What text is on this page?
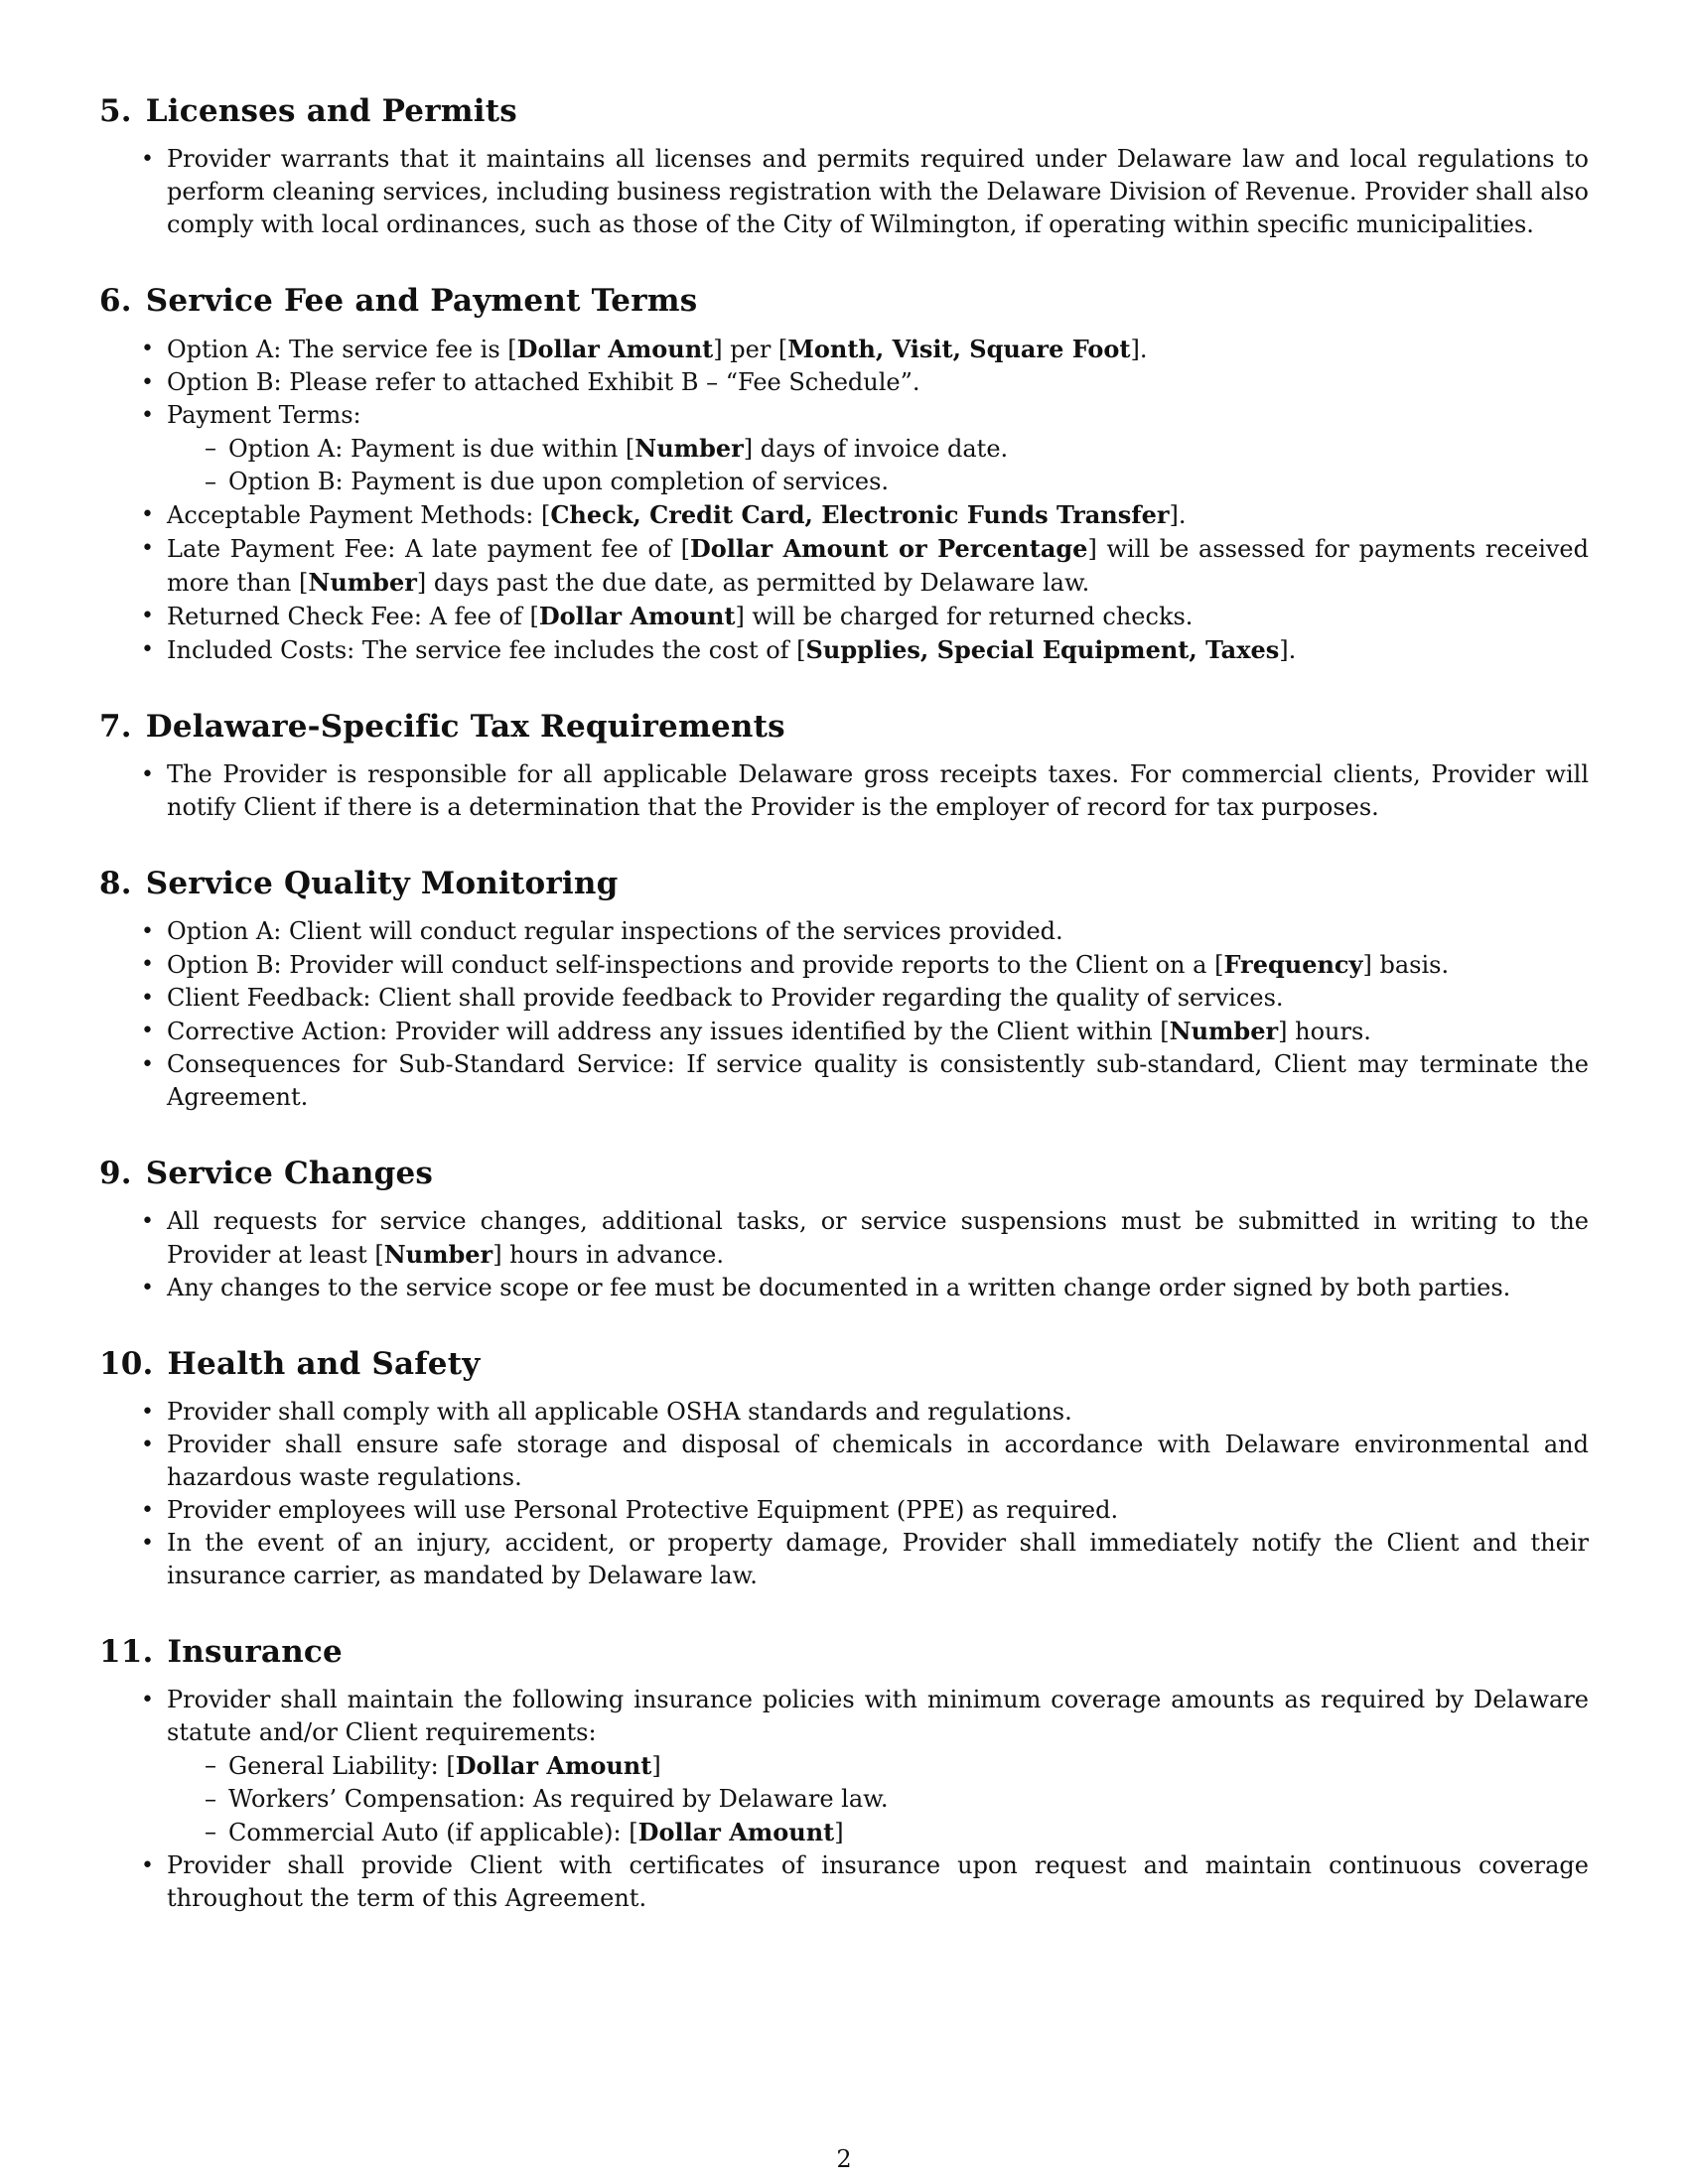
5. Licenses and Permits
• Provider warrants that it maintains all licenses and permits required under Delaware law and local regulations to perform cleaning services, including business registration with the Delaware Division of Revenue. Provider shall also comply with local ordinances, such as those of the City of Wilmington, if operating within specific municipalities.
6. Service Fee and Payment Terms
• Option A: The service fee is [Dollar Amount] per [Month, Visit, Square Foot].
• Option B: Please refer to attached Exhibit B – “Fee Schedule”.
• Payment Terms:
– Option A: Payment is due within [Number] days of invoice date.
– Option B: Payment is due upon completion of services.
• Acceptable Payment Methods: [Check, Credit Card, Electronic Funds Transfer].
• Late Payment Fee: A late payment fee of [Dollar Amount or Percentage] will be assessed for payments received more than [Number] days past the due date, as permitted by Delaware law.
• Returned Check Fee: A fee of [Dollar Amount] will be charged for returned checks.
• Included Costs: The service fee includes the cost of [Supplies, Special Equipment, Taxes].
7. Delaware-Specific Tax Requirements
• The Provider is responsible for all applicable Delaware gross receipts taxes. For commercial clients, Provider will notify Client if there is a determination that the Provider is the employer of record for tax purposes.
8. Service Quality Monitoring
• Option A: Client will conduct regular inspections of the services provided.
• Option B: Provider will conduct self-inspections and provide reports to the Client on a [Frequency] basis.
• Client Feedback: Client shall provide feedback to Provider regarding the quality of services.
• Corrective Action: Provider will address any issues identified by the Client within [Number] hours.
• Consequences for Sub-Standard Service: If service quality is consistently sub-standard, Client may terminate the Agreement.
9. Service Changes
• All requests for service changes, additional tasks, or service suspensions must be submitted in writing to the Provider at least [Number] hours in advance.
• Any changes to the service scope or fee must be documented in a written change order signed by both parties.
10. Health and Safety
• Provider shall comply with all applicable OSHA standards and regulations.
• Provider shall ensure safe storage and disposal of chemicals in accordance with Delaware environmental and hazardous waste regulations.
• Provider employees will use Personal Protective Equipment (PPE) as required.
• In the event of an injury, accident, or property damage, Provider shall immediately notify the Client and their insurance carrier, as mandated by Delaware law.
11. Insurance
• Provider shall maintain the following insurance policies with minimum coverage amounts as required by Delaware statute and/or Client requirements:
– General Liability: [Dollar Amount]
– Workers’ Compensation: As required by Delaware law.
– Commercial Auto (if applicable): [Dollar Amount]
• Provider shall provide Client with certificates of insurance upon request and maintain continuous coverage throughout the term of this Agreement.
2
